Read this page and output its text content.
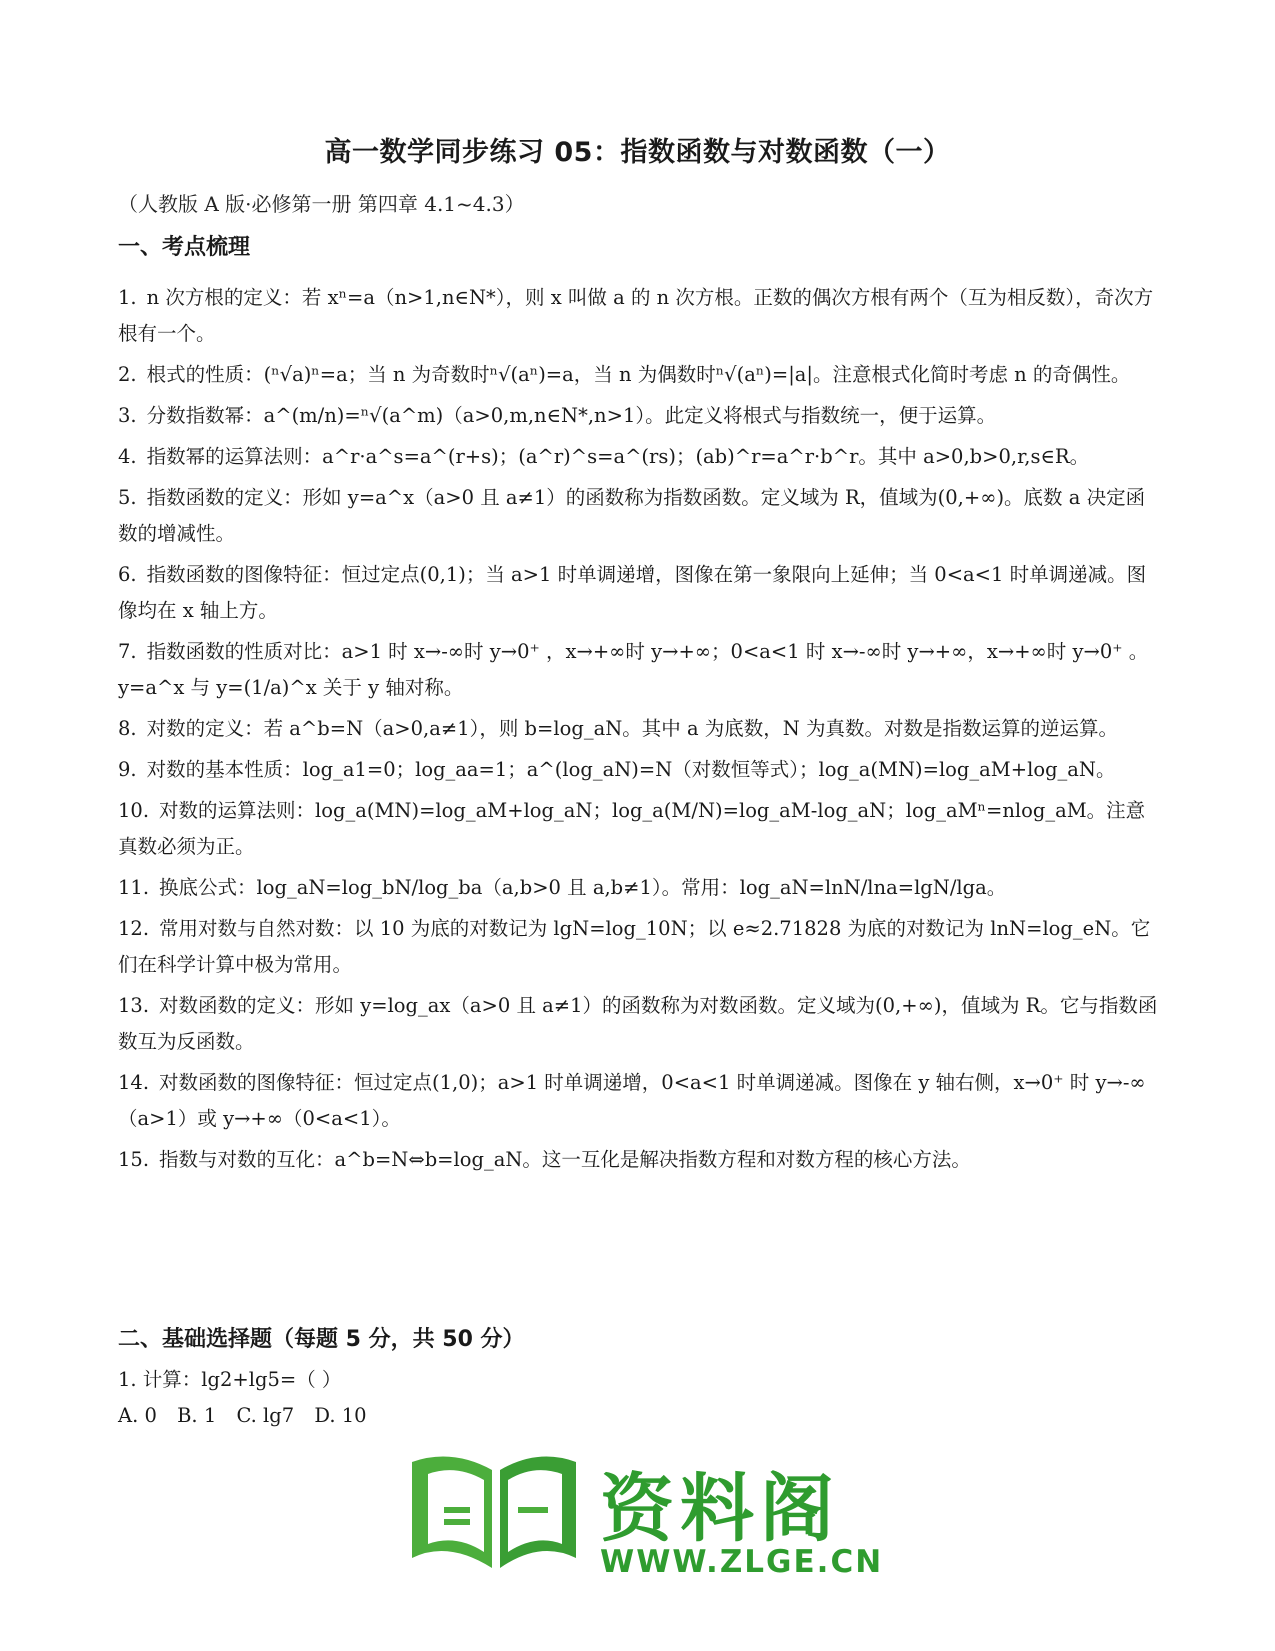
高一数学同步练习 05：指数函数与对数函数（一）
（人教版 A 版·必修第一册 第四章 4.1~4.3）
一、考点梳理
1. n 次方根的定义：若 xⁿ=a（n>1,n∈N*），则 x 叫做 a 的 n 次方根。正数的偶次方根有两个（互为相反数），奇次方根有一个。
2. 根式的性质：(ⁿ√a)ⁿ=a；当 n 为奇数时ⁿ√(aⁿ)=a，当 n 为偶数时ⁿ√(aⁿ)=|a|。注意根式化简时考虑 n 的奇偶性。
3. 分数指数幂：a^(m/n)=ⁿ√(a^m)（a>0,m,n∈N*,n>1）。此定义将根式与指数统一，便于运算。
4. 指数幂的运算法则：a^r·a^s=a^(r+s)；(a^r)^s=a^(rs)；(ab)^r=a^r·b^r。其中 a>0,b>0,r,s∈R。
5. 指数函数的定义：形如 y=a^x（a>0 且 a≠1）的函数称为指数函数。定义域为 R，值域为(0,+∞)。底数 a 决定函数的增减性。
6. 指数函数的图像特征：恒过定点(0,1)；当 a>1 时单调递增，图像在第一象限向上延伸；当 0<a<1 时单调递减。图像均在 x 轴上方。
7. 指数函数的性质对比：a>1 时 x→-∞时 y→0⁺ ，x→+∞时 y→+∞；0<a<1 时 x→-∞时 y→+∞，x→+∞时 y→0⁺ 。y=a^x 与 y=(1/a)^x 关于 y 轴对称。
8. 对数的定义：若 a^b=N（a>0,a≠1），则 b=log_aN。其中 a 为底数，N 为真数。对数是指数运算的逆运算。
9. 对数的基本性质：log_a1=0；log_aa=1；a^(log_aN)=N（对数恒等式）；log_a(MN)=log_aM+log_aN。
10. 对数的运算法则：log_a(MN)=log_aM+log_aN；log_a(M/N)=log_aM-log_aN；log_aMⁿ=nlog_aM。注意真数必须为正。
11. 换底公式：log_aN=log_bN/log_ba（a,b>0 且 a,b≠1）。常用：log_aN=lnN/lna=lgN/lga。
12. 常用对数与自然对数：以 10 为底的对数记为 lgN=log_10N；以 e≈2.71828 为底的对数记为 lnN=log_eN。它们在科学计算中极为常用。
13. 对数函数的定义：形如 y=log_ax（a>0 且 a≠1）的函数称为对数函数。定义域为(0,+∞)，值域为 R。它与指数函数互为反函数。
14. 对数函数的图像特征：恒过定点(1,0)；a>1 时单调递增，0<a<1 时单调递减。图像在 y 轴右侧，x→0⁺ 时 y→-∞（a>1）或 y→+∞（0<a<1）。
15. 指数与对数的互化：a^b=N⇔b=log_aN。这一互化是解决指数方程和对数方程的核心方法。
二、基础选择题（每题 5 分，共 50 分）
1. 计算：lg2+lg5=（ ）
A. 0 B. 1 C. lg7 D. 10
资料阁
WWW.ZLGE.CN
